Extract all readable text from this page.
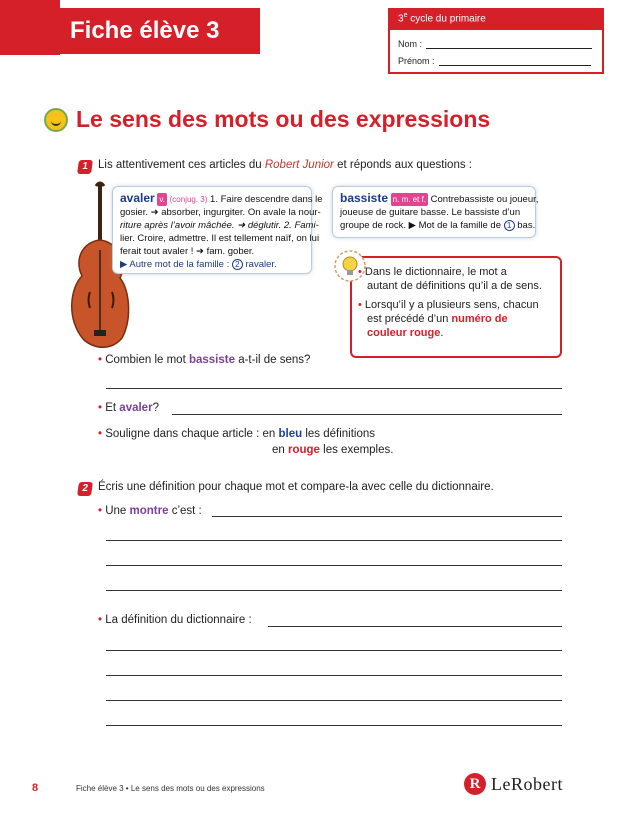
Fiche élève 3	3e cycle du primaire
Nom :
Prénom :
Le sens des mots ou des expressions
1 Lis attentivement ces articles du Robert Junior et réponds aux questions :
avaler v. (conjug. 3) 1. Faire descendre dans le
gosier. ➜ absorber, ingurgiter. On avale la nour-
riture après l’avoir mâchée. ➜ déglutir. 2. Fami-
lier. Croire, admettre. Il est tellement naïf, on lui
ferait tout avaler ! ➜ fam. gober.
▶ Autre mot de la famille : 2 ravaler.
bassiste n. m. et f. Contrebassiste ou joueur,
joueuse de guitare basse. Le bassiste d’un
groupe de rock. ▶ Mot de la famille de 1 bas.
• Dans le dictionnaire, le mot a
autant de définitions qu’il a de sens.
• Lorsqu’il y a plusieurs sens, chacun
est précédé d’un numéro de
couleur rouge.
• Combien le mot bassiste a-t-il de sens?
• Et avaler?
• Souligne dans chaque article : en bleu les définitions
en rouge les exemples.
2 Écris une définition pour chaque mot et compare-la avec celle du dictionnaire.
• Une montre c’est :
• La définition du dictionnaire :
8	Fiche élève 3 • Le sens des mots ou des expressions	R LeRobert
